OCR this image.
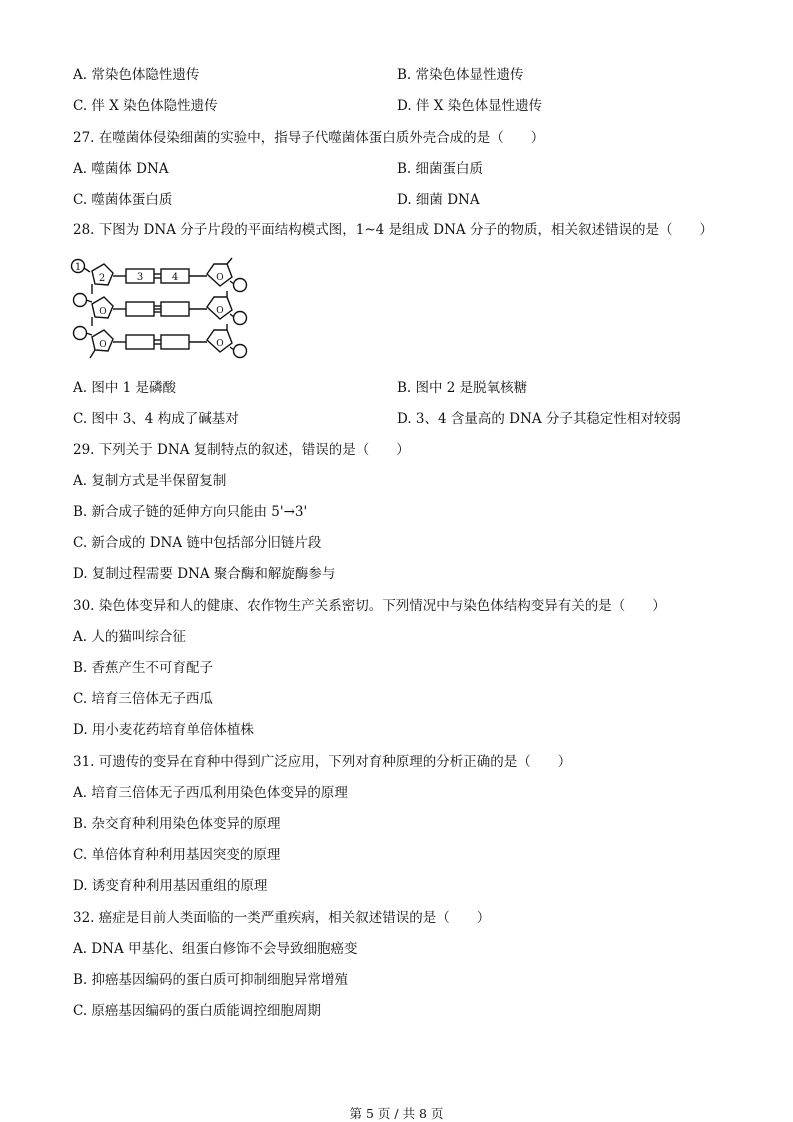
A. 常染色体隐性遗传	B. 常染色体显性遗传
C. 伴 X 染色体隐性遗传	D. 伴 X 染色体显性遗传
27. 在噬菌体侵染细菌的实验中，指导子代噬菌体蛋白质外壳合成的是（　　）
A. 噬菌体 DNA	B. 细菌蛋白质
C. 噬菌体蛋白质	D. 细菌 DNA
28. 下图为 DNA 分子片段的平面结构模式图，1~4 是组成 DNA 分子的物质，相关叙述错误的是（　　）
1
2	3	4	O
O
O
O
O
A. 图中 1 是磷酸	B. 图中 2 是脱氧核糖
C. 图中 3、4 构成了碱基对	D. 3、4 含量高的 DNA 分子其稳定性相对较弱
29. 下列关于 DNA 复制特点的叙述，错误的是（　　）
A. 复制方式是半保留复制
B. 新合成子链的延伸方向只能由 5'→3'
C. 新合成的 DNA 链中包括部分旧链片段
D. 复制过程需要 DNA 聚合酶和解旋酶参与
30. 染色体变异和人的健康、农作物生产关系密切。下列情况中与染色体结构变异有关的是（　　）
A. 人的猫叫综合征
B. 香蕉产生不可育配子
C. 培育三倍体无子西瓜
D. 用小麦花药培育单倍体植株
31. 可遗传的变异在育种中得到广泛应用，下列对育种原理的分析正确的是（　　）
A. 培育三倍体无子西瓜利用染色体变异的原理
B. 杂交育种利用染色体变异的原理
C. 单倍体育种利用基因突变的原理
D. 诱变育种利用基因重组的原理
32. 癌症是目前人类面临的一类严重疾病，相关叙述错误的是（　　）
A. DNA 甲基化、组蛋白修饰不会导致细胞癌变
B. 抑癌基因编码的蛋白质可抑制细胞异常增殖
C. 原癌基因编码的蛋白质能调控细胞周期
第 5 页 / 共 8 页
